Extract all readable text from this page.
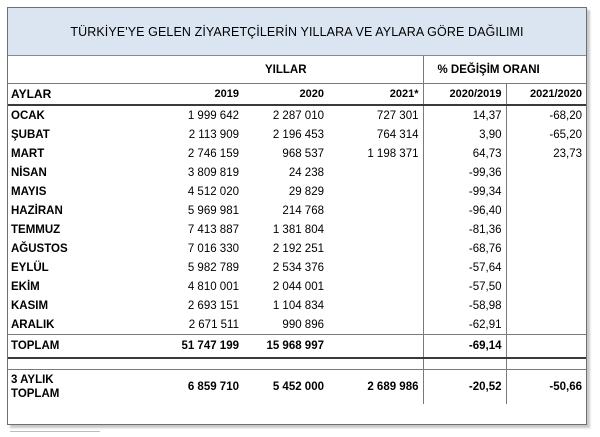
TÜRKİYE'YE GELEN ZİYARETÇİLERİN YILLARA VE AYLARA GÖRE DAĞILIMI
		YILLAR		% DEĞİŞİM ORANI	
AYLAR	2019	2020	2021*	2020/2019	2021/2020
OCAK	1 999 642	2 287 010	727 301	14,37	-68,20
ŞUBAT	2 113 909	2 196 453	764 314	3,90	-65,20
MART	2 746 159	968 537	1 198 371	64,73	23,73
NİSAN	3 809 819	24 238		-99,36	
MAYIS	4 512 020	29 829		-99,34	
HAZİRAN	5 969 981	214 768		-96,40	
TEMMUZ	7 413 887	1 381 804		-81,36	
AĞUSTOS	7 016 330	2 192 251		-68,76	
EYLÜL	5 982 789	2 534 376		-57,64	
EKİM	4 810 001	2 044 001		-57,50	
KASIM	2 693 151	1 104 834		-58,98	
ARALIK	2 671 511	990 896		-62,91	
TOPLAM	51 747 199	15 968 997		-69,14	

3 AYLIK
TOPLAM	6 859 710	5 452 000	2 689 986	-20,52	-50,66
